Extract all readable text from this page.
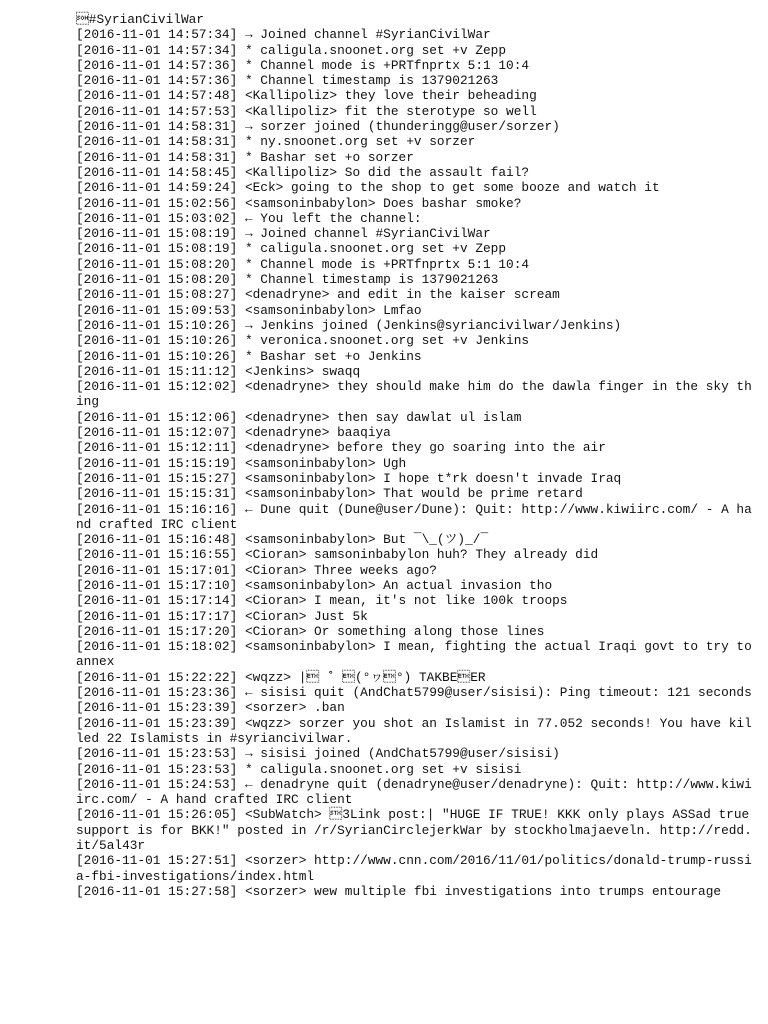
#SyrianCivilWar
[2016-11-01 14:57:34] → Joined channel #SyrianCivilWar
[2016-11-01 14:57:34] * caligula.snoonet.org set +v Zepp
[2016-11-01 14:57:36] * Channel mode is +PRTfnprtx 5:1 10:4
[2016-11-01 14:57:36] * Channel timestamp is 1379021263
[2016-11-01 14:57:48] <Kallipoliz> they love their beheading
[2016-11-01 14:57:53] <Kallipoliz> fit the sterotype so well
[2016-11-01 14:58:31] → sorzer joined (thunderingg@user/sorzer)
[2016-11-01 14:58:31] * ny.snoonet.org set +v sorzer
[2016-11-01 14:58:31] * Bashar set +o sorzer
[2016-11-01 14:58:45] <Kallipoliz> So did the assault fail?
[2016-11-01 14:59:24] <Eck> going to the shop to get some booze and watch it
[2016-11-01 15:02:56] <samsoninbabylon> Does bashar smoke?
[2016-11-01 15:03:02] ← You left the channel:
[2016-11-01 15:08:19] → Joined channel #SyrianCivilWar
[2016-11-01 15:08:19] * caligula.snoonet.org set +v Zepp
[2016-11-01 15:08:20] * Channel mode is +PRTfnprtx 5:1 10:4
[2016-11-01 15:08:20] * Channel timestamp is 1379021263
[2016-11-01 15:08:27] <denadryne> and edit in the kaiser scream
[2016-11-01 15:09:53] <samsoninbabylon> Lmfao
[2016-11-01 15:10:26] → Jenkins joined (Jenkins@syriancivilwar/Jenkins)
[2016-11-01 15:10:26] * veronica.snoonet.org set +v Jenkins
[2016-11-01 15:10:26] * Bashar set +o Jenkins
[2016-11-01 15:11:12] <Jenkins> swaqq
[2016-11-01 15:12:02] <denadryne> they should make him do the dawla finger in the sky thing
[2016-11-01 15:12:06] <denadryne> then say dawlat ul islam
[2016-11-01 15:12:07] <denadryne> baaqiya
[2016-11-01 15:12:11] <denadryne> before they go soaring into the air
[2016-11-01 15:15:19] <samsoninbabylon> Ugh
[2016-11-01 15:15:27] <samsoninbabylon> I hope t*rk doesn't invade Iraq
[2016-11-01 15:15:31] <samsoninbabylon> That would be prime retard
[2016-11-01 15:16:16] ← Dune quit (Dune@user/Dune): Quit: http://www.kiwiirc.com/ - A hand crafted IRC client
[2016-11-01 15:16:48] <samsoninbabylon> But ¯\_(ツ)_/¯
[2016-11-01 15:16:55] <Cioran> samsoninbabylon huh? They already did
[2016-11-01 15:17:01] <Cioran> Three weeks ago?
[2016-11-01 15:17:10] <samsoninbabylon> An actual invasion tho
[2016-11-01 15:17:14] <Cioran> I mean, it's not like 100k troops
[2016-11-01 15:17:17] <Cioran> Just 5k
[2016-11-01 15:17:20] <Cioran> Or something along those lines
[2016-11-01 15:18:02] <samsoninbabylon> I mean, fighting the actual Iraqi govt to try to annex
[2016-11-01 15:22:22] <wqzz> | ˚ (°ヮ°) TAKBEER
[2016-11-01 15:23:36] ← sisisi quit (AndChat5799@user/sisisi): Ping timeout: 121 seconds
[2016-11-01 15:23:39] <sorzer> .ban
[2016-11-01 15:23:39] <wqzz> sorzer you shot an Islamist in 77.052 seconds! You have killed 22 Islamists in #syriancivilwar.
[2016-11-01 15:23:53] → sisisi joined (AndChat5799@user/sisisi)
[2016-11-01 15:23:53] * caligula.snoonet.org set +v sisisi
[2016-11-01 15:24:53] ← denadryne quit (denadryne@user/denadryne): Quit: http://www.kiwiirc.com/ - A hand crafted IRC client
[2016-11-01 15:26:05] <SubWatch> 3Link post:| "HUGE IF TRUE! KKK only plays ASSad true support is for BKK!" posted in /r/SyrianCirclejerkWar by stockholmajaeveln. http://redd.it/5al43r
[2016-11-01 15:27:51] <sorzer> http://www.cnn.com/2016/11/01/politics/donald-trump-russia-fbi-investigations/index.html
[2016-11-01 15:27:58] <sorzer> wew multiple fbi investigations into trumps entourage
